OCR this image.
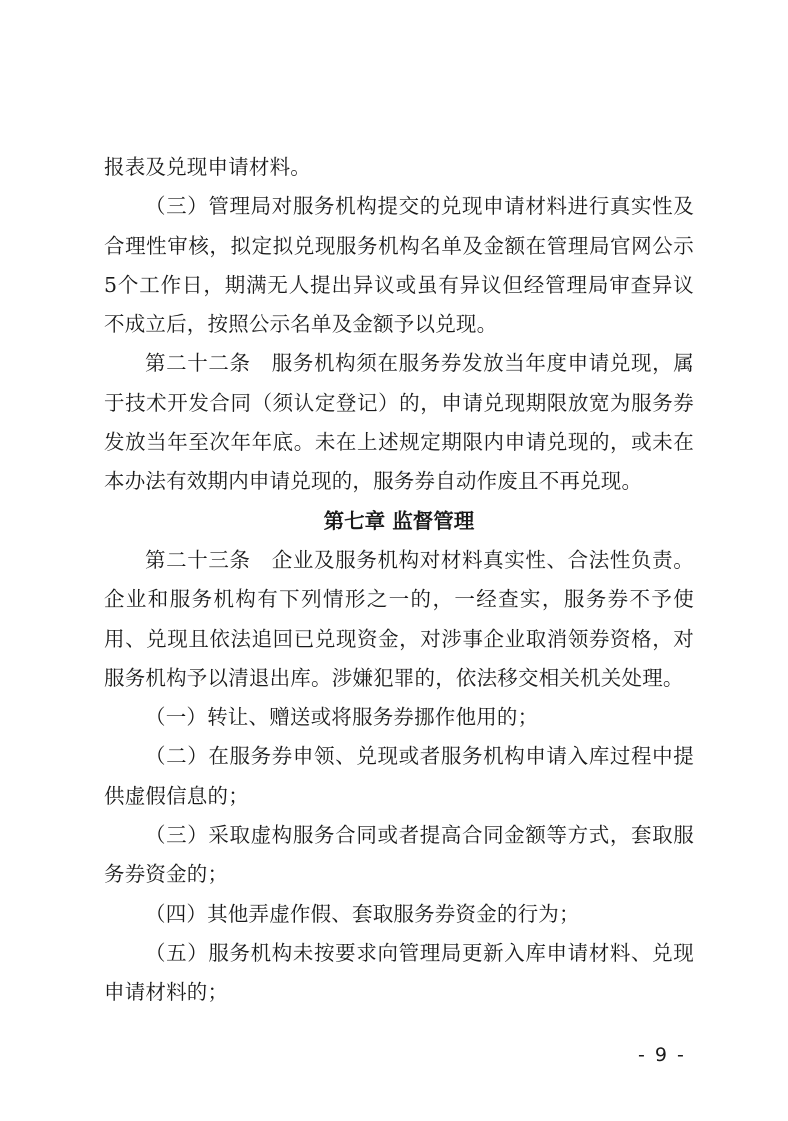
报表及兑现申请材料。

（三）管理局对服务机构提交的兑现申请材料进行真实性及合理性审核，拟定拟兑现服务机构名单及金额在管理局官网公示5个工作日，期满无人提出异议或虽有异议但经管理局审查异议不成立后，按照公示名单及金额予以兑现。

第二十二条　服务机构须在服务券发放当年度申请兑现，属于技术开发合同（须认定登记）的，申请兑现期限放宽为服务券发放当年至次年年底。未在上述规定期限内申请兑现的，或未在本办法有效期内申请兑现的，服务券自动作废且不再兑现。

第七章 监督管理

第二十三条　企业及服务机构对材料真实性、合法性负责。企业和服务机构有下列情形之一的，一经查实，服务券不予使用、兑现且依法追回已兑现资金，对涉事企业取消领券资格，对服务机构予以清退出库。涉嫌犯罪的，依法移交相关机关处理。

（一）转让、赠送或将服务券挪作他用的；

（二）在服务券申领、兑现或者服务机构申请入库过程中提供虚假信息的；

（三）采取虚构服务合同或者提高合同金额等方式，套取服务券资金的；

（四）其他弄虚作假、套取服务券资金的行为；

（五）服务机构未按要求向管理局更新入库申请材料、兑现申请材料的；

- 9 -
